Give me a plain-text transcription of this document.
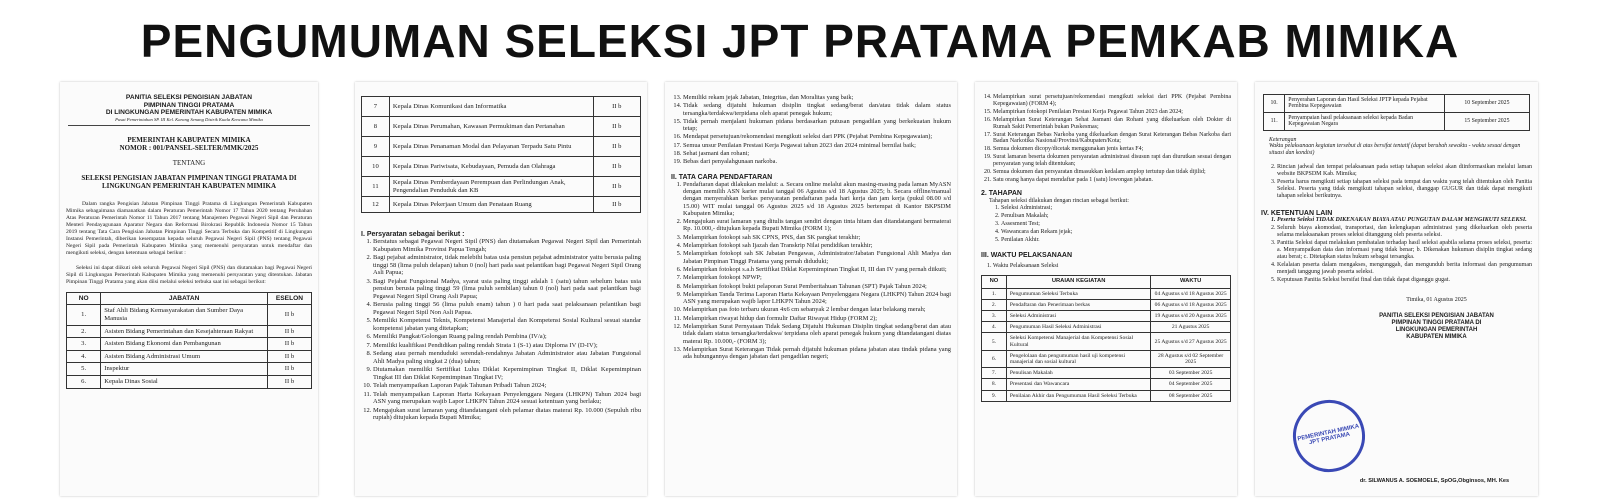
PENGUMUMAN SELEKSI JPT PRATAMA PEMKAB MIMIKA
PANITIA SELEKSI PENGISIAN JABATAN
PIMPINAN TINGGI PRATAMA
DI LINGKUNGAN PEMERINTAH KABUPATEN MIMIKA
Pusat Pemerintahan SP. III Kel. Karang Senang Distrik Kuala Kencana Mimika
PEMERINTAH KABUPATEN MIMIKA
NOMOR : 001/PANSEL-SELTER/MMK/2025
TENTANG
SELEKSI PENGISIAN JABATAN PIMPINAN TINGGI PRATAMA DI LINGKUNGAN PEMERINTAH KABUPATEN MIMIKA
Dalam rangka Pengisian Jabatan Pimpinan Tinggi Pratama di Lingkungan Pemerintah Kabupaten Mimika sebagaimana diamanatkan dalam Peraturan Pemerintah Nomor 17 Tahun 2020 tentang Perubahan Atas Peraturan Pemerintah Nomor 11 Tahun 2017 tentang Manajemen Pegawai Negeri Sipil dan Peraturan Menteri Pendayagunaan Aparatur Negara dan Reformasi Birokrasi Republik Indonesia Nomor 15 Tahun 2019 tentang Tata Cara Pengisian Jabatan Pimpinan Tinggi Secara Terbuka dan Kompetitif di Lingkungan Instansi Pemerintah, diberikan kesempatan kepada seluruh Pegawai Negeri Sipil (PNS) tentang Pegawai Negeri Sipil pada Pemerintah Kabupaten Mimika yang memenuhi persyaratan untuk mendaftar dan mengikuti seleksi, dengan ketentuan sebagai berikut :
Seleksi ini dapat diikuti oleh seluruh Pegawai Negeri Sipil (PNS) dan diutamakan bagi Pegawai Negeri Sipil di Lingkungan Pemerintah Kabupaten Mimika yang memenuhi persyaratan yang ditentukan. Jabatan Pimpinan Tinggi Pratama yang akan diisi melalui seleksi terbuka saat ini sebagai berikut:
NO	JABATAN	ESELON
1.	Staf Ahli Bidang Kemasyarakatan dan Sumber Daya Manusia	II b
2.	Asisten Bidang Pemerintahan dan Kesejahteraan Rakyat	II b
3.	Asisten Bidang Ekonomi dan Pembangunan	II b
4.	Asisten Bidang Administrasi Umum	II b
5.	Inspektur	II b
6.	Kepala Dinas Sosial	II b
7	Kepala Dinas Komunikasi dan Informatika	II b
8	Kepala Dinas Perumahan, Kawasan Permukiman dan Pertanahan	II b
9	Kepala Dinas Penanaman Modal dan Pelayanan Terpadu Satu Pintu	II b
10	Kepala Dinas Pariwisata, Kebudayaan, Pemuda dan Olahraga	II b
11	Kepala Dinas Pemberdayaan Perempuan dan Perlindungan Anak, Pengendalian Penduduk dan KB	II b
12	Kepala Dinas Pekerjaan Umum dan Penataan Ruang	II b
I. Persyaratan sebagai berikut :
1. Berstatus sebagai Pegawai Negeri Sipil (PNS) dan diutamakan Pegawai Negeri Sipil dan Pemerintah Kabupaten Mimika Provinsi Papua Tengah;
2. Bagi pejabat administrator, tidak melebihi batas usia pensiun pejabat administrator yaitu berusia paling tinggi 58 (lima puluh delapan) tahun 0 (nol) hari pada saat pelantikan bagi Pegawai Negeri Sipil Orang Asli Papua;
3. Bagi Pejabat Fungsional Madya, syarat usia paling tinggi adalah 1 (satu) tahun sebelum batas usia pensiun berusia paling tinggi 59 (lima puluh sembilan) tahun 0 (nol) hari pada saat pelantikan bagi Pegawai Negeri Sipil Orang Asli Papua;
4. Berusia paling tinggi 56 (lima puluh enam) tahun ) 0 hari pada saat pelaksanaan pelantikan bagi Pegawai Negeri Sipil Non Asli Papua.
5. Memiliki Kompetensi Teknis, Kompetensi Manajerial dan Kompetensi Sosial Kultural sesuai standar kompetensi jabatan yang ditetapkan;
6. Memiliki Pangkat/Golongan Ruang paling rendah Pembina (IV/a);
7. Memiliki kualifikasi Pendidikan paling rendah Strata 1 (S-1) atau Diploma IV (D-IV);
8. Sedang atau pernah menduduki serendah-rendahnya Jabatan Administrator atau Jabatan Fungsional Ahli Madya paling singkat 2 (dua) tahun;
9. Diutamakan memiliki Sertifikat Lulus Diklat Kepemimpinan Tingkat II, Diklat Kepemimpinan Tingkat III dan Diklat Kepemimpinan Tingkat IV;
10. Telah menyampaikan Laporan Pajak Tahunan Pribadi Tahun 2024;
11. Telah menyampaikan Laporan Harta Kekayaan Penyelenggara Negara (LHKPN) Tahun 2024 bagi ASN yang merupakan wajib Lapor LHKPN Tahun 2024 sesuai ketentuan yang berlaku;
12. Mengajukan surat lamaran yang ditandatangani oleh pelamar diatas materai Rp. 10.000 (Sepuluh ribu rupiah) ditujukan kepada Bupati Mimika;
13. Memiliki rekam jejak Jabatan, Integritas, dan Moralitas yang baik;
14. Tidak sedang dijatuhi hukuman disiplin tingkat sedang/berat dan/atau tidak dalam status tersangka/terdakwa/terpidana oleh aparat penegak hukum;
15. Tidak pernah menjalani hukuman pidana berdasarkan putusan pengadilan yang berkekuatan hukum tetap;
16. Mendapat persetujuan/rekomendasi mengikuti seleksi dari PPK (Pejabat Pembina Kepegawaian);
17. Semua unsur Penilaian Prestasi Kerja Pegawai tahun 2023 dan 2024 minimal bernilai baik;
18. Sehat jasmani dan rohani;
19. Bebas dari penyalahgunaan narkoba.
II. TATA CARA PENDAFTARAN
1. Pendaftaran dapat dilakukan melalui: a. Secara online melalui akun masing-masing pada laman MyASN dengan memilih ASN karier mulai tanggal 06 Agustus s/d 18 Agustus 2025; b. Secara offline/manual dengan menyerahkan berkas persyaratan pendaftaran pada hari kerja dan jam kerja (pukul 08.00 s/d 15.00) WIT mulai tanggal 06 Agustus 2025 s/d 18 Agustus 2025 bertempat di Kantor BKPSDM Kabupaten Mimika;
2. Mengajukan surat lamaran yang ditulis tangan sendiri dengan tinta hitam dan ditandatangani bermaterai Rp. 10.000,- ditujukan kepada Bupati Mimika (FORM 1);
3. Melampirkan fotokopi sah SK CPNS, PNS, dan SK pangkat terakhir;
4. Melampirkan fotokopi sah Ijazah dan Transkrip Nilai pendidikan terakhir;
5. Melampirkan fotokopi sah SK Jabatan Pengawas, Administrator/Jabatan Fungsional Ahli Madya dan Jabatan Pimpinan Tinggi Pratama yang pernah diduduki;
6. Melampirkan fotokopi s.a.h Sertifikat Diklat Kepemimpinan Tingkat II, III dan IV yang pernah diikuti;
7. Melampirkan fotokopi NPWP;
8. Melampirkan fotokopi bukti pelaporan Surat Pemberitahuan Tahunan (SPT) Pajak Tahun 2024;
9. Melampirkan Tanda Terima Laporan Harta Kekayaan Penyelenggara Negara (LHKPN) Tahun 2024 bagi ASN yang merupakan wajib lapor LHKPN Tahun 2024;
10. Melampirkan pas foto terbaru ukuran 4x6 cm sebanyak 2 lembar dengan latar belakang merah;
11. Melampirkan riwayat hidup dan formulir Daftar Riwayat Hidup (FORM 2);
12. Melampirkan Surat Pernyataan Tidak Sedang Dijatuhi Hukuman Disiplin tingkat sedang/berat dan atau tidak dalam status tersangka/terdakwa/ terpidana oleh aparat penegak hukum yang ditandatangani diatas materai Rp. 10.000,- (FORM 3);
13. Melampirkan Surat Keterangan Tidak pernah dijatuhi hukuman pidana jabatan atau tindak pidana yang ada hubungannya dengan jabatan dari pengadilan negeri;
14. Melampirkan surat persetujuan/rekomendasi mengikuti seleksi dari PPK (Pejabat Pembina Kepegawaian) (FORM 4);
15. Melampirkan fotokopi Penilaian Prestasi Kerja Pegawai Tahun 2023 dan 2024;
16. Melampirkan Surat Keterangan Sehat Jasmani dan Rohani yang dikeluarkan oleh Dokter di Rumah Sakit Pemerintah bukan Puskesmas;
17. Surat Keterangan Bebas Narkoba yang dikeluarkan dengan Surat Keterangan Bebas Narkoba dari Badan Narkotika Nasional/Provinsi/Kabupaten/Kota;
18. Semua dokumen dicopy/dicetak menggunakan jenis kertas F4;
19. Surat lamaran beserta dokumen persyaratan administrasi disusun rapi dan diurutkan sesuai dengan persyaratan yang telah ditentukan;
20. Semua dokumen dan persyaratan dimasukkan kedalam amplop tertutup dan tidak dijilid;
21. Satu orang hanya dapat mendaftar pada 1 (satu) lowongan jabatan.
2. TAHAPAN
Tahapan seleksi dilakukan dengan rincian sebagai berikut:
1. Seleksi Administrasi;
2. Penulisan Makalah;
3. Assesment Test;
4. Wawancara dan Rekam jejak;
5. Penilaian Akhir.
III. WAKTU PELAKSANAAN
1. Waktu Pelaksanaan Seleksi
NO	URAIAN KEGIATAN	WAKTU
1.	Pengumuman Seleksi Terbuka	04 Agustus s/d 18 Agustus 2025
2.	Pendaftaran dan Penerimaan berkas	06 Agustus s/d 18 Agustus 2025
3.	Seleksi Administrasi	19 Agustus s/d 20 Agustus 2025
4.	Pengumuman Hasil Seleksi Administrasi	21 Agustus 2025
5.	Seleksi Kompetensi Manajerial dan Kompetensi Sosial Kultural	25 Agustus s/d 27 Agustus 2025
6.	Pengelolaan dan pengumuman hasil uji kompetensi manajerial dan sosial kultural	28 Agustus s/d 02 September 2025
7.	Penulisan Makalah	03 September 2025
8.	Presentasi dan Wawancara	04 September 2025
9.	Penilaian Akhir dan Pengumuman Hasil Seleksi Terbuka	08 September 2025
10.	Penyerahan Laporan dan Hasil Seleksi JPTP kepada Pejabat Pembina Kepegawaian	10 September 2025
11.	Penyampaian hasil pelaksanaan seleksi kepada Badan Kepegawaian Negara	15 September 2025
Keterangan
Waktu pelaksanaan kegiatan tersebut di atas bersifat tentatif (dapat berubah sewaktu - waktu sesuai dengan situasi dan kondisi)
2. Rincian jadwal dan tempat pelaksanaan pada setiap tahapan seleksi akan diinformasikan melalui laman website BKPSDM Kab. Mimika;
3. Peserta harus mengikuti setiap tahapan seleksi pada tempat dan waktu yang telah ditentukan oleh Panitia Seleksi. Peserta yang tidak mengikuti tahapan seleksi, dianggap GUGUR dan tidak dapat mengikuti tahapan seleksi berikutnya.
IV. KETENTUAN LAIN
1. Peserta Seleksi TIDAK DIKENAKAN BIAYA ATAU PUNGUTAN DALAM MENGIKUTI SELEKSI.
2. Seluruh biaya akomodasi, transportasi, dan kelengkapan administrasi yang dikeluarkan oleh peserta selama melaksanakan proses seleksi ditanggung oleh peserta seleksi.
3. Panitia Seleksi dapat melakukan pembatalan terhadap hasil seleksi apabila selama proses seleksi, peserta: a. Menyampaikan data dan informasi yang tidak benar; b. Dikenakan hukuman disiplin tingkat sedang atau berat; c. Ditetapkan status hukum sebagai tersangka.
4. Kelalaian peserta dalam mengakses, mengunggah, dan mengunduh berita informasi dan pengumuman menjadi tanggung jawab peserta seleksi.
5. Keputusan Panitia Seleksi bersifat final dan tidak dapat diganggu gugat.
Timika, 01 Agustus 2025
PANITIA SELEKSI PENGISIAN JABATAN
PIMPINAN TINGGI PRATAMA DI
LINGKUNGAN PEMERINTAH
KABUPATEN MIMIKA
PEMERINTAH MIMIKA JPT PRATAMA
dr. SILWANUS A. SOEMOELE, SpOG,Obginsos, MH. Kes
